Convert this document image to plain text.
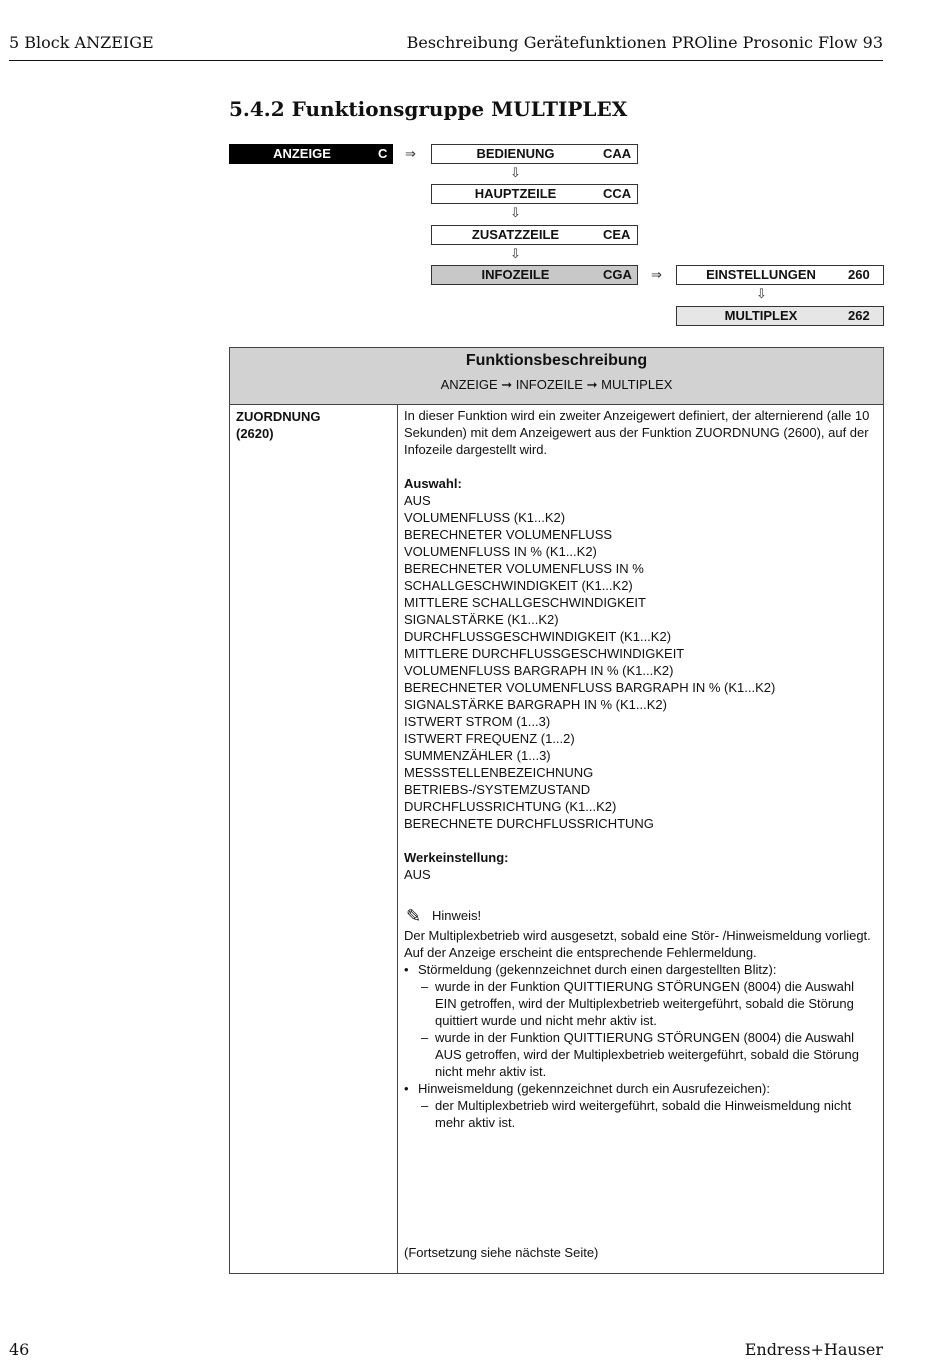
5 Block ANZEIGE	Beschreibung Gerätefunktionen PROline Prosonic Flow 93
5.4.2 Funktionsgruppe MULTIPLEX
ANZEIGE	C ⇒	BEDIENUNG	CAA
⇩
HAUPTZEILE	CCA
⇩
ZUSATZZEILE	CEA
⇩
INFOZEILE	CGA ⇒	EINSTELLUNGEN	260
⇩
MULTIPLEX	262
Funktionsbeschreibung
ANZEIGE ➞ INFOZEILE ➞ MULTIPLEX
ZUORDNUNG
(2620)

In dieser Funktion wird ein zweiter Anzeigewert definiert, der alternierend (alle 10 Sekunden) mit dem Anzeigewert aus der Funktion ZUORDNUNG (2600), auf der Infozeile dargestellt wird.

Auswahl:
AUS
VOLUMENFLUSS (K1...K2)
BERECHNETER VOLUMENFLUSS
VOLUMENFLUSS IN % (K1...K2)
BERECHNETER VOLUMENFLUSS IN %
SCHALLGESCHWINDIGKEIT (K1...K2)
MITTLERE SCHALLGESCHWINDIGKEIT
SIGNALSTÄRKE (K1...K2)
DURCHFLUSSGESCHWINDIGKEIT (K1...K2)
MITTLERE DURCHFLUSSGESCHWINDIGKEIT
VOLUMENFLUSS BARGRAPH IN % (K1...K2)
BERECHNETER VOLUMENFLUSS BARGRAPH IN % (K1...K2)
SIGNALSTÄRKE BARGRAPH IN % (K1...K2)
ISTWERT STROM (1...3)
ISTWERT FREQUENZ (1...2)
SUMMENZÄHLER (1...3)
MESSSTELLENBEZEICHNUNG
BETRIEBS-/SYSTEMZUSTAND
DURCHFLUSSRICHTUNG (K1...K2)
BERECHNETE DURCHFLUSSRICHTUNG
Werkeinstellung:
AUS
✎ Hinweis!

Der Multiplexbetrieb wird ausgesetzt, sobald eine Stör- /Hinweismeldung vorliegt. Auf der Anzeige erscheint die entsprechende Fehlermeldung.

• Störmeldung (gekennzeichnet durch einen dargestellten Blitz):
– wurde in der Funktion QUITTIERUNG STÖRUNGEN (8004) die Auswahl EIN getroffen, wird der Multiplexbetrieb weitergeführt, sobald die Störung quittiert wurde und nicht mehr aktiv ist.
– wurde in der Funktion QUITTIERUNG STÖRUNGEN (8004) die Auswahl AUS getroffen, wird der Multiplexbetrieb weitergeführt, sobald die Störung nicht mehr aktiv ist.
• Hinweismeldung (gekennzeichnet durch ein Ausrufezeichen):
– der Multiplexbetrieb wird weitergeführt, sobald die Hinweismeldung nicht mehr aktiv ist.
(Fortsetzung siehe nächste Seite)
46	Endress+Hauser
